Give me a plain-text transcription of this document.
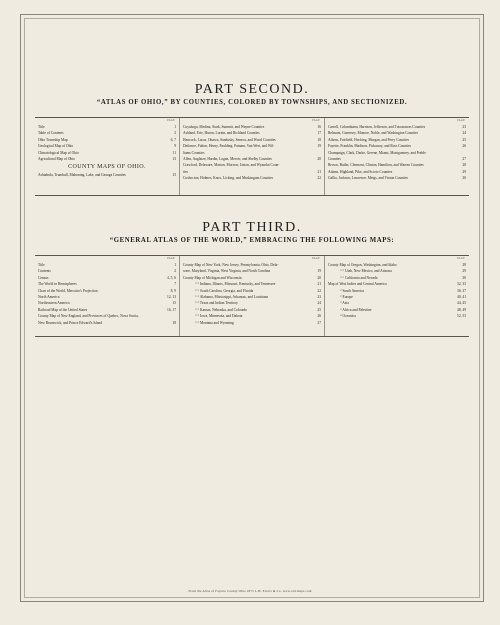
PART SECOND.
“ATLAS OF OHIO,” BY COUNTIES, COLORED BY TOWNSHIPS, AND SECTIONIZED.
PAGE
Title	1
Table of Contents	2
Ohio Township Map	6, 7
Geological Map of Ohio	9
Climatological Map of Ohio	11
Agricultural Map of Ohio	13
COUNTY MAPS OF OHIO.
Ashtabula, Trumbull, Mahoning, Lake, and Geauga Counties	15
PAGE
Cuyahoga, Medina, Stark, Summit, and Wayne Counties	16
Ashland, Erie, Huron, Lorain, and Richland Counties	17
Hancock, Lucas, Ottawa, Sandusky, Seneca, and Wood Counties	18
Defiance, Fulton, Henry, Paulding, Putnam, Van Wert, and Wil-	19
liams Counties
Allen, Auglaize, Hardin, Logan, Mercer, and Shelby Counties	20
Crawford, Delaware, Marion, Morrow, Union, and Wyandot Coun-
ties	21
Coshocton, Holmes, Knox, Licking, and Muskingum Counties	22
PAGE
Carroll, Columbiana, Harrison, Jefferson, and Tuscarawas Counties	23
Belmont, Guernsey, Monroe, Noble, and Washington Counties	24
Athens, Fairfield, Hocking, Morgan, and Perry Counties	25
Fayette, Franklin, Madison, Pickaway, and Ross Counties	26
Champaign, Clark, Darke, Greene, Miami, Montgomery, and Preble
Counties	27
Brown, Butler, Clermont, Clinton, Hamilton, and Warren Counties	28
Adams, Highland, Pike, and Scioto Counties	29
Gallia, Jackson, Lawrence, Meigs, and Vinton Counties	30
PART THIRD.
“GENERAL ATLAS OF THE WORLD,” EMBRACING THE FOLLOWING MAPS:
PAGE
Title	1
Contents	2
Census	4, 5, 6
The World in Hemispheres	7
Chart of the World, Mercator's Projection	8, 9
North America	12, 13
Northeastern America	15
Railroad Map of the United States	16, 17
County Map of New England, and Provinces of Quebec, Nova Scotia,
New Brunswick, and Prince Edward's Island	18
PAGE
County Map of New York, New Jersey, Pennsylvania, Ohio, Dela-
ware, Maryland, Virginia, West Virginia, and North Carolina	19
County Map of Michigan and Wisconsin	20
“ “ Indiana, Illinois, Missouri, Kentucky, and Tennessee	21
“ “ South Carolina, Georgia, and Florida	22
“ “ Alabama, Mississippi, Arkansas, and Louisiana	23
“ “ Texas and Indian Territory	24
“ “ Kansas, Nebraska, and Colorado	25
“ “ Iowa, Minnesota, and Dakota	26
“ “ Montana and Wyoming	27
PAGE
County Map of Oregon, Washington, and Idaho	28
“ “ Utah, New Mexico, and Arizona	29
“ “ California and Nevada	30
Map of West Indies and Central America	32, 33
“ South America	36, 37
“ Europe	40, 41
“ Asia	44, 45
“ Africa and Palestine	48, 49
“ Oceanica	52, 53
From the Atlas of Fayette County Ohio 1875 L.H. Everts & Co. www.old-maps.com
